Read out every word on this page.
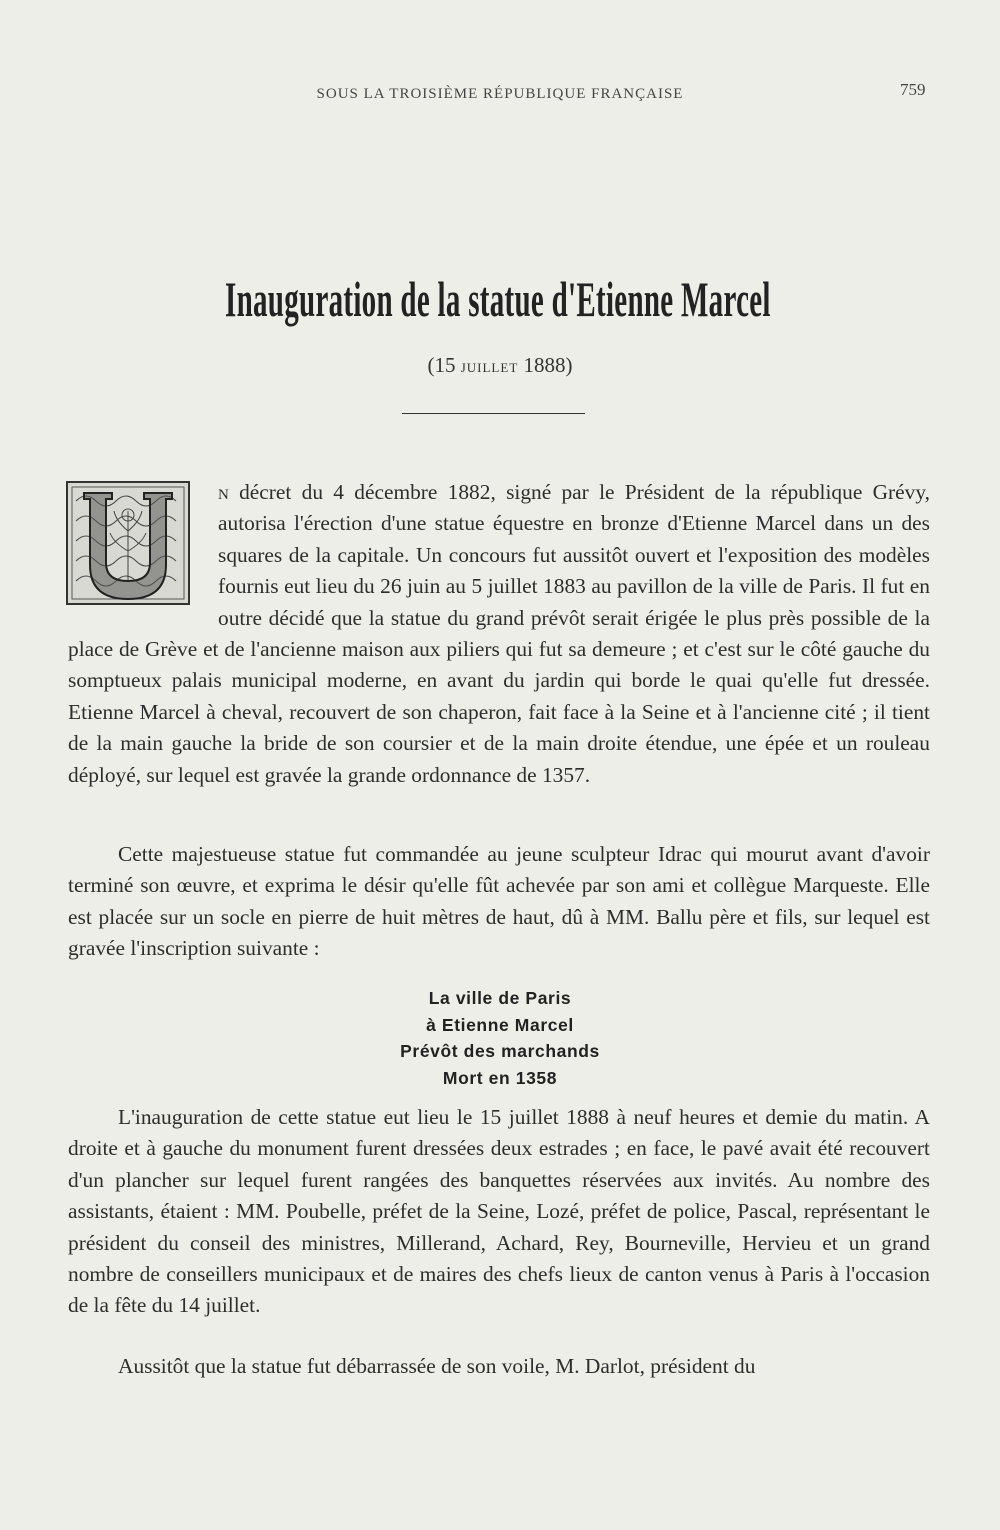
SOUS LA TROISIÈME RÉPUBLIQUE FRANÇAISE	759
Inauguration de la statue d'Etienne Marcel
(15 juillet 1888)
n décret du 4 décembre 1882, signé par le Président de la république Grévy, autorisa l'érection d'une statue équestre en bronze d'Etienne Marcel dans un des squares de la capitale. Un concours fut aussitôt ouvert et l'exposition des modèles fournis eut lieu du 26 juin au 5 juillet 1883 au pavillon de la ville de Paris. Il fut en outre décidé que la statue du grand prévôt serait érigée le plus près possible de la place de Grève et de l'ancienne maison aux piliers qui fut sa demeure ; et c'est sur le côté gauche du somptueux palais municipal moderne, en avant du jardin qui borde le quai qu'elle fut dressée. Etienne Marcel à cheval, recouvert de son chaperon, fait face à la Seine et à l'ancienne cité ; il tient de la main gauche la bride de son coursier et de la main droite étendue, une épée et un rouleau déployé, sur lequel est gravée la grande ordonnance de 1357.

Cette majestueuse statue fut commandée au jeune sculpteur Idrac qui mourut avant d'avoir terminé son œuvre, et exprima le désir qu'elle fût achevée par son ami et collègue Marqueste. Elle est placée sur un socle en pierre de huit mètres de haut, dû à MM. Ballu père et fils, sur lequel est gravée l'inscription suivante :

La ville de Paris
à Etienne Marcel
Prévôt des marchands
Mort en 1358

L'inauguration de cette statue eut lieu le 15 juillet 1888 à neuf heures et demie du matin. A droite et à gauche du monument furent dressées deux estrades ; en face, le pavé avait été recouvert d'un plancher sur lequel furent rangées des banquettes réservées aux invités. Au nombre des assistants, étaient : MM. Poubelle, préfet de la Seine, Lozé, préfet de police, Pascal, représentant le président du conseil des ministres, Millerand, Achard, Rey, Bourneville, Hervieu et un grand nombre de conseillers municipaux et de maires des chefs lieux de canton venus à Paris à l'occasion de la fête du 14 juillet.

Aussitôt que la statue fut débarrassée de son voile, M. Darlot, président du
